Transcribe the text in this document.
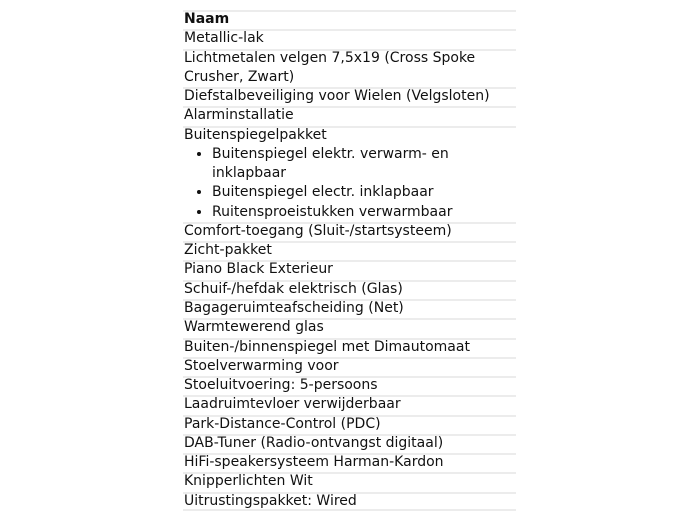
Naam
Metallic-lak
Lichtmetalen velgen 7,5x19 (Cross Spoke Crusher, Zwart)
Diefstalbeveiliging voor Wielen (Velgsloten)
Alarminstallatie
Buitenspiegelpakket
• Buitenspiegel elektr. verwarm- en inklapbaar
• Buitenspiegel electr. inklapbaar
• Ruitensproeistukken verwarmbaar
Comfort-toegang (Sluit-/startsysteem)
Zicht-pakket
Piano Black Exterieur
Schuif-/hefdak elektrisch (Glas)
Bagageruimteafscheiding (Net)
Warmtewerend glas
Buiten-/binnenspiegel met Dimautomaat
Stoelverwarming voor
Stoeluitvoering: 5-persoons
Laadruimtevloer verwijderbaar
Park-Distance-Control (PDC)
DAB-Tuner (Radio-ontvangst digitaal)
HiFi-speakersysteem Harman-Kardon
Knipperlichten Wit
Uitrustingspakket: Wired
